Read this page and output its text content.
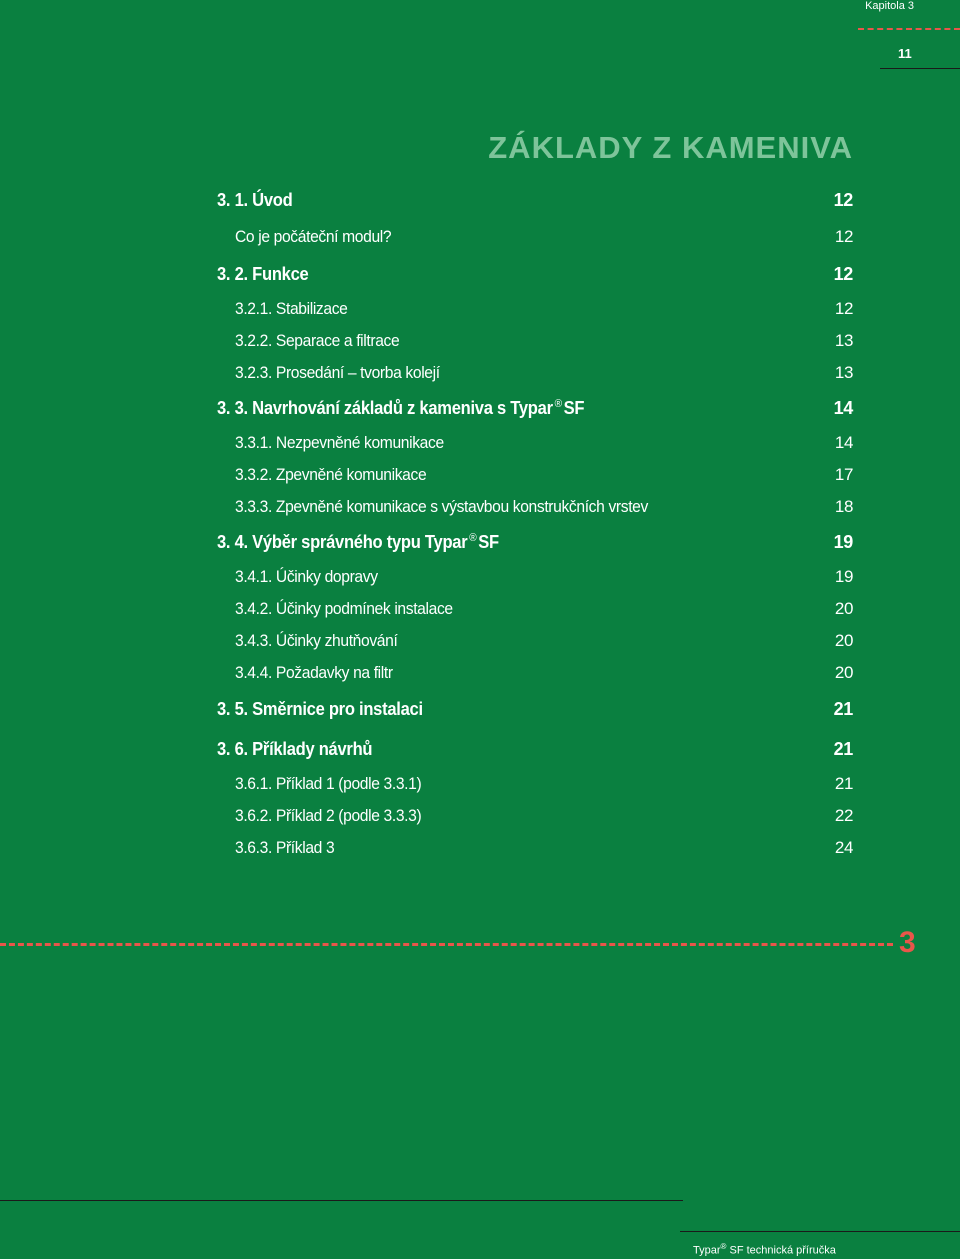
Kapitola 3
11
ZÁKLADY Z KAMENIVA
3. 1. Úvod	12
Co je počáteční modul?	12
3. 2. Funkce	12
3.2.1. Stabilizace	12
3.2.2. Separace a filtrace	13
3.2.3. Prosedání – tvorba kolejí	13
3. 3. Navrhování základů z kameniva s Typar ® SF	14
3.3.1. Nezpevněné komunikace	14
3.3.2. Zpevněné komunikace	17
3.3.3. Zpevněné komunikace s výstavbou konstrukčních vrstev	18
3. 4. Výběr správného typu Typar ® SF	19
3.4.1. Účinky dopravy	19
3.4.2. Účinky podmínek instalace	20
3.4.3. Účinky zhutňování	20
3.4.4. Požadavky na filtr	20
3. 5. Směrnice pro instalaci	21
3. 6. Příklady návrhů	21
3.6.1. Příklad 1 (podle 3.3.1)	21
3.6.2. Příklad 2 (podle 3.3.3)	22
3.6.3. Příklad 3	24
3
Typar® SF technická příručka
